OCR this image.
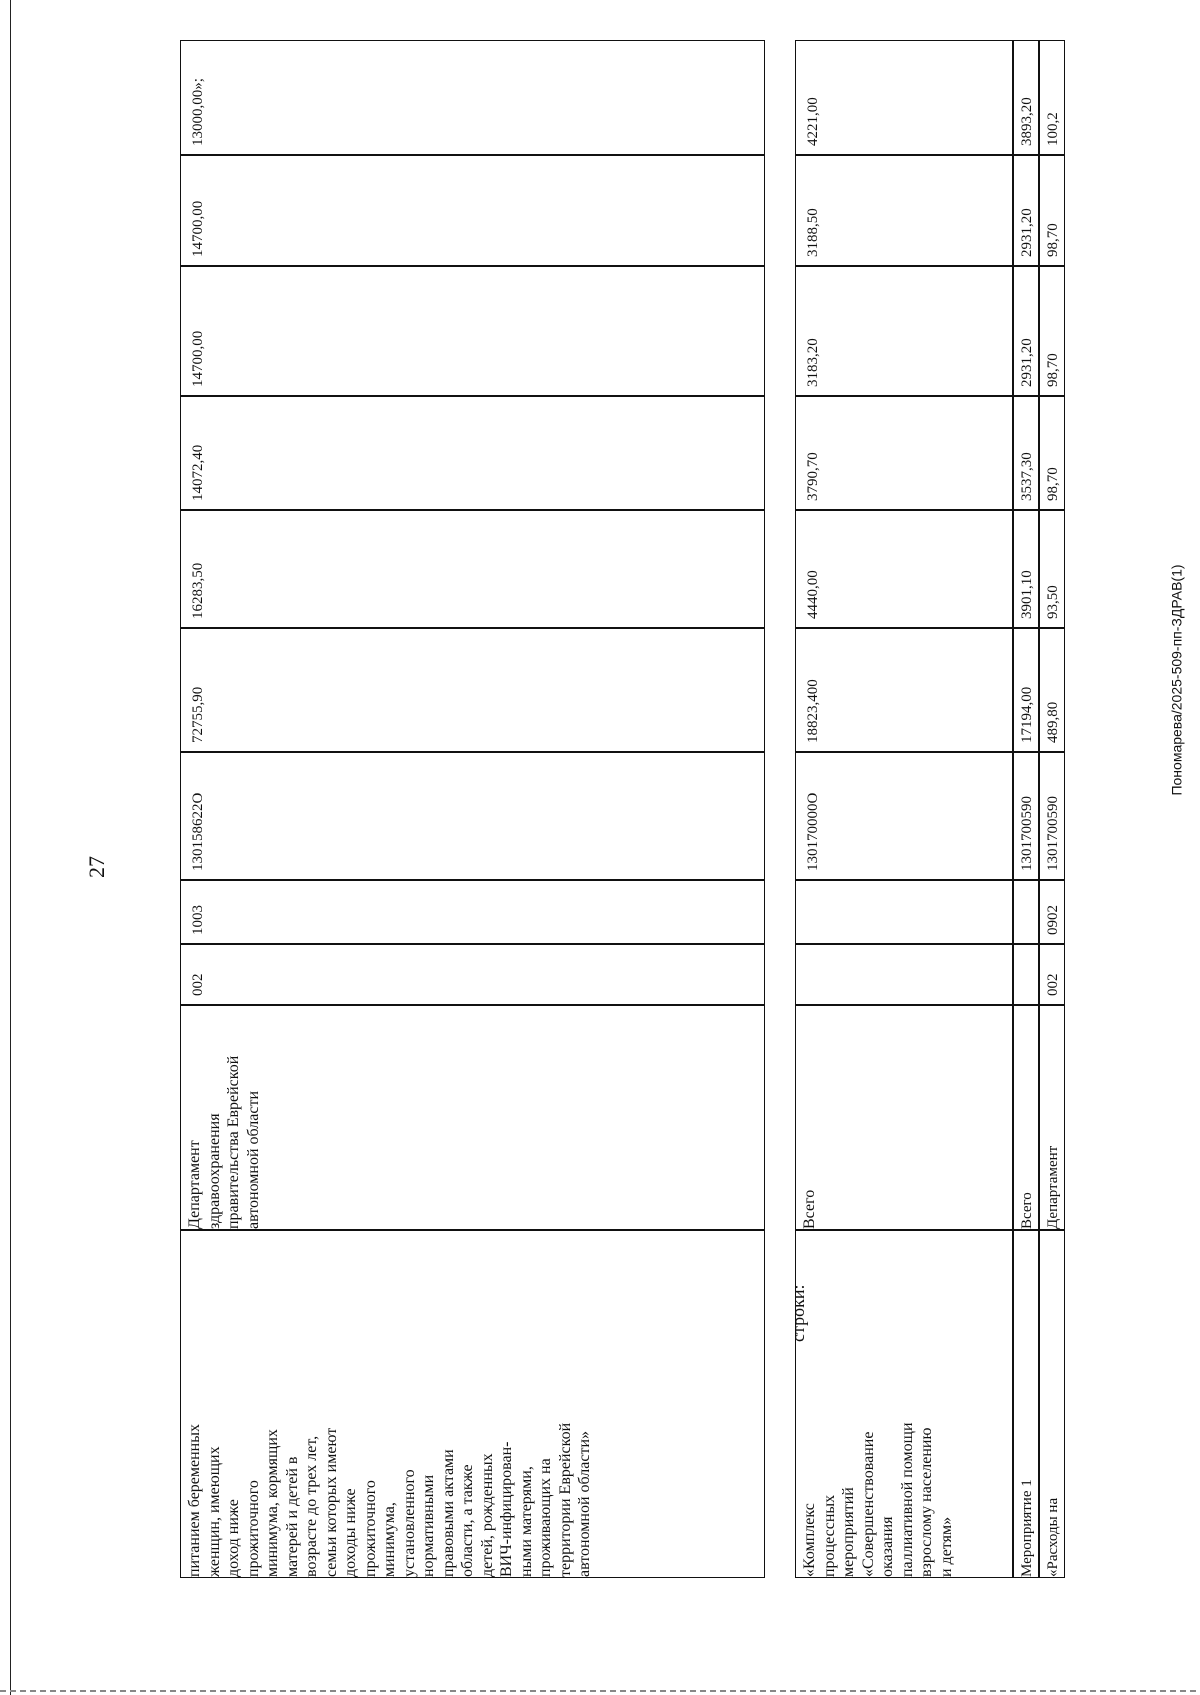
27
Пономарева/2025-509-пп-ЗДРАВ(1)
питанием беременных
женщин, имеющих
доход ниже
прожиточного
минимума, кормящих
матерей и детей в
возрасте до трех лет,
семьи которых имеют
доходы ниже
прожиточного
минимума,
установленного
нормативными
правовыми актами
области, а также
детей, рожденных
ВИЧ-инфицирован-
ными матерями,
проживающих на
территории Еврейской
автономной области»
Департамент
здравоохранения
правительства Еврейской
автономной области
002
1003
130158622О
72755,90
16283,50
14072,40
14700,00
14700,00
13000,00»;
строки:
«Комплекс
процессных
мероприятий
«Совершенствование
оказания
паллиативной помощи
взрослому населению
и детям»
Всего
130170000О
18823,400
4440,00
3790,70
3183,20
3188,50
4221,00
Мероприятие 1
Всего
1301700590
17194,00
3901,10
3537,30
2931,20
2931,20
3893,20
«Расходы на
Департамент
002
0902
1301700590
489,80
93,50
98,70
98,70
98,70
100,2
